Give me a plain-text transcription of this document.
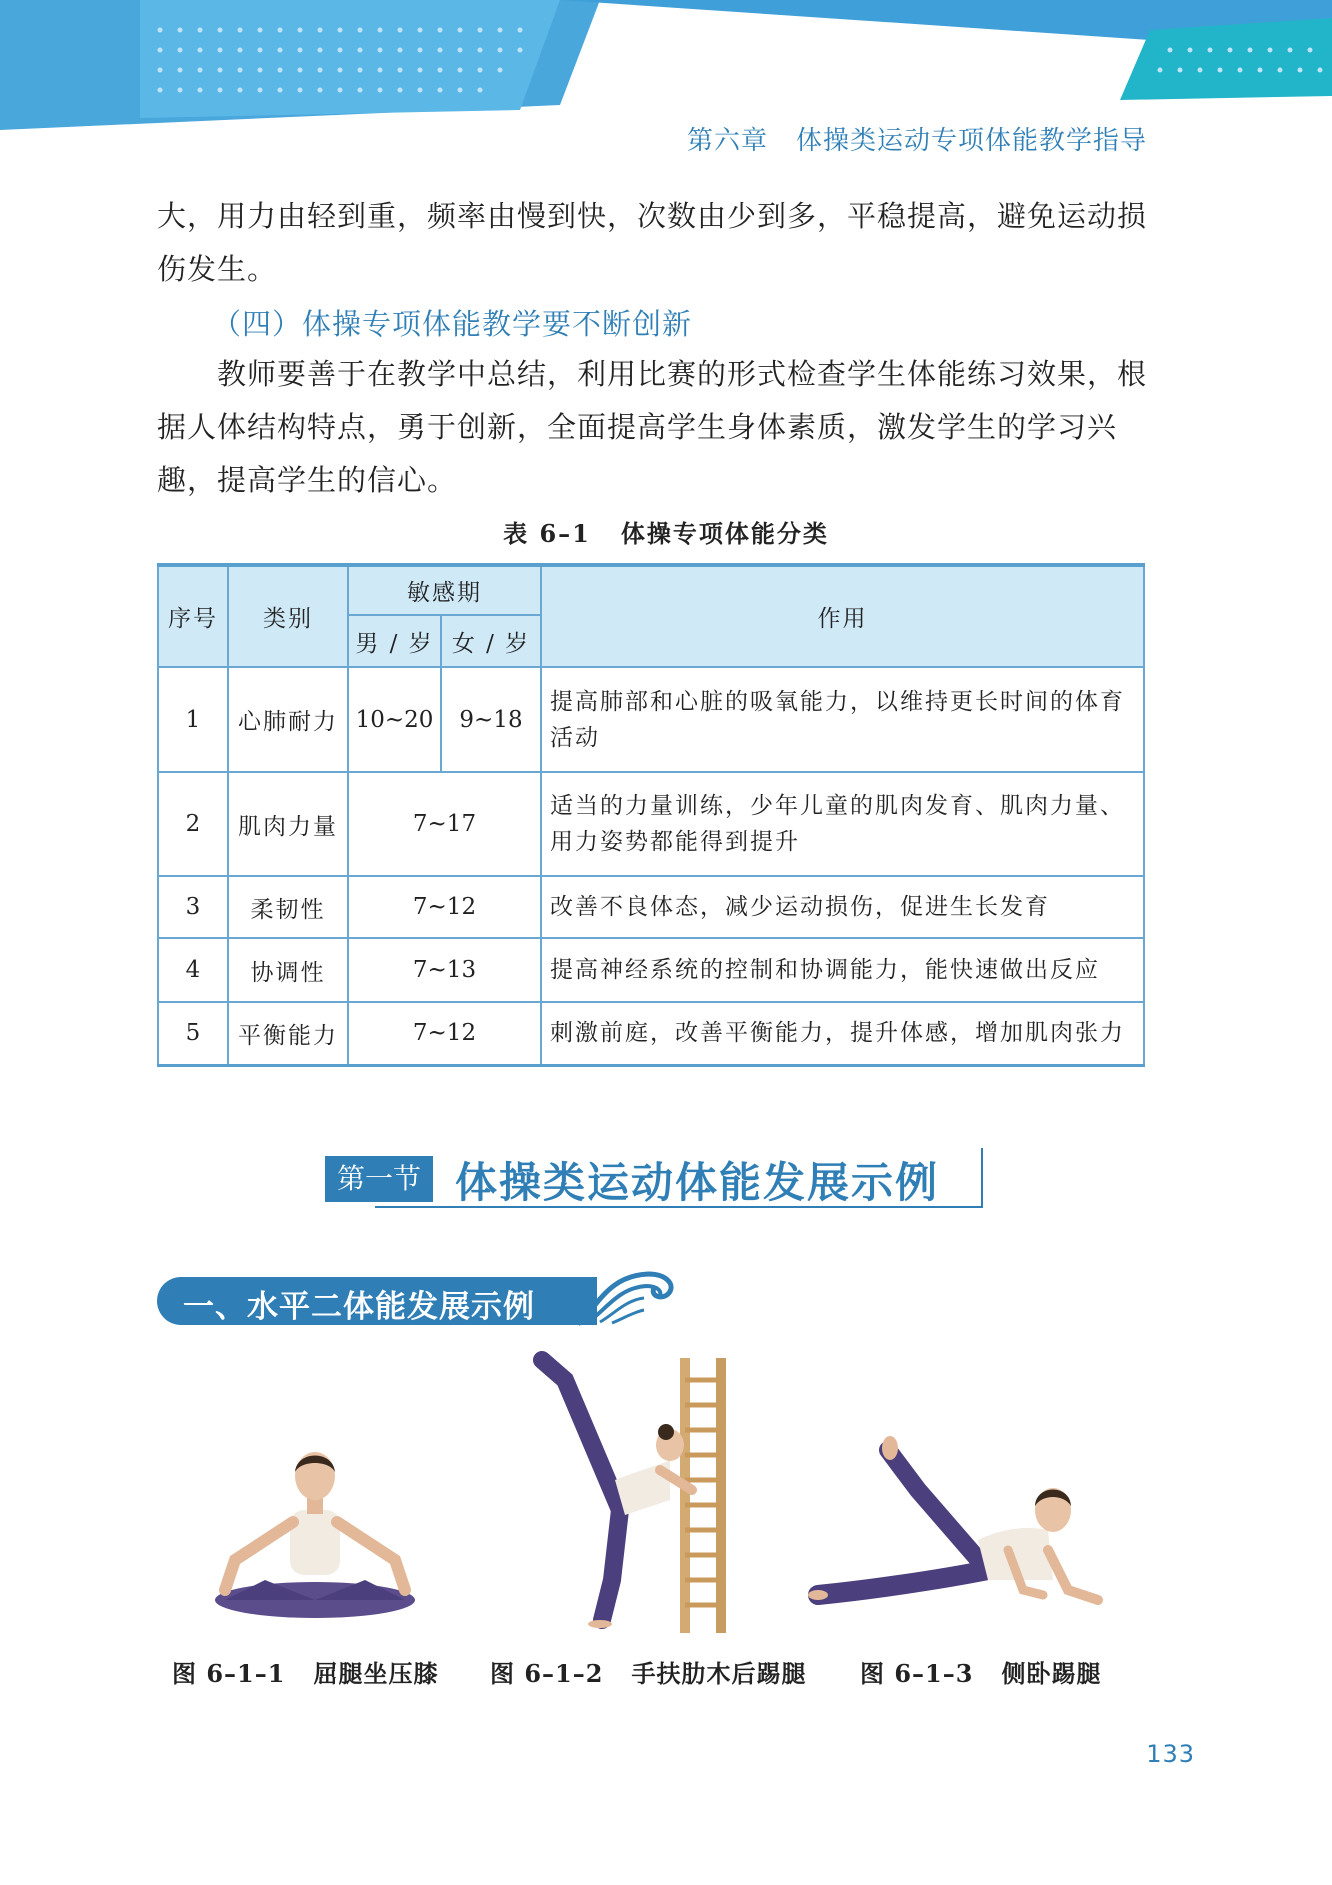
第六章 体操类运动专项体能教学指导

大，用力由轻到重，频率由慢到快，次数由少到多，平稳提高，避免运动损伤发生。

（四）体操专项体能教学要不断创新

教师要善于在教学中总结，利用比赛的形式检查学生体能练习效果，根据人体结构特点，勇于创新，全面提高学生身体素质，激发学生的学习兴趣，提高学生的信心。

表 6–1 体操专项体能分类
序号	类别	敏感期		作用
		男 / 岁	女 / 岁	
1	心肺耐力	10~20	9~18	提高肺部和心脏的吸氧能力，以维持更长时间的体育活动
2	肌肉力量	7~17		适当的力量训练，少年儿童的肌肉发育、肌肉力量、用力姿势都能得到提升
3	柔韧性	7~12		改善不良体态，减少运动损伤，促进生长发育
4	协调性	7~13		提高神经系统的控制和协调能力，能快速做出反应
5	平衡能力	7~12		刺激前庭，改善平衡能力，提升体感，增加肌肉张力
第一节 体操类运动体能发展示例
一、水平二体能发展示例
图 6–1–1 屈腿坐压膝 图 6–1–2 手扶肋木后踢腿 图 6–1–3 侧卧踢腿
133
